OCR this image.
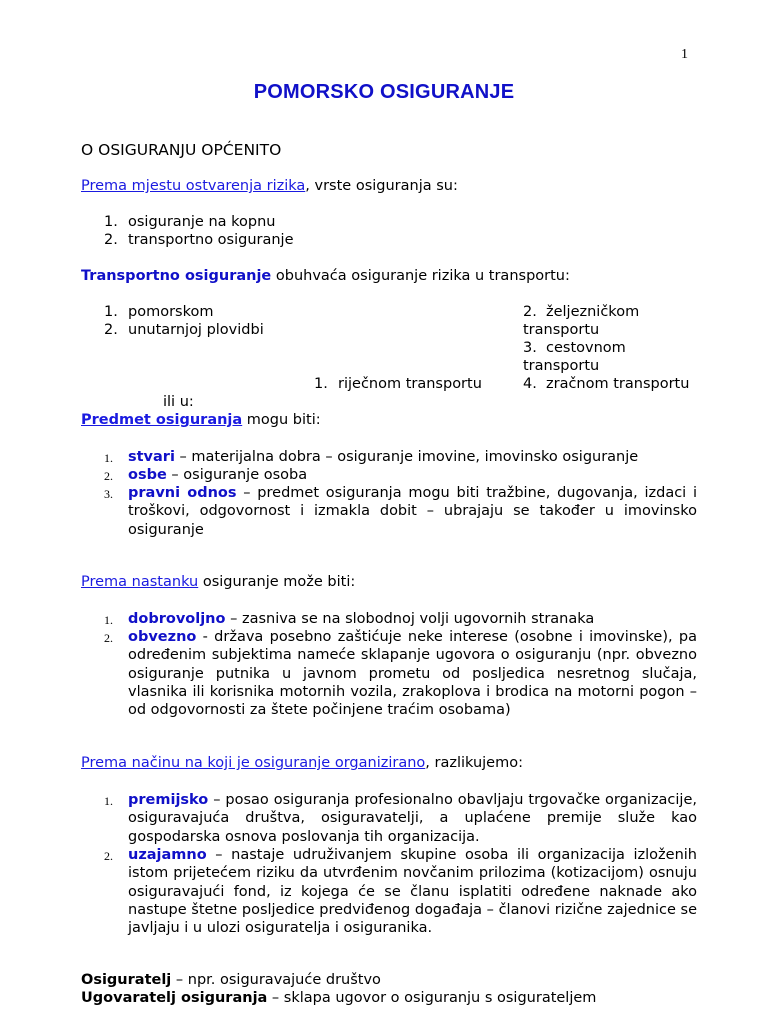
1
POMORSKO OSIGURANJE
O OSIGURANJU OPĆENITO
Prema mjestu ostvarenja rizika, vrste osiguranja su:
1. osiguranje na kopnu
2. transportno osiguranje
Transportno osiguranje obuhvaća osiguranje rizika u transportu:
1. pomorskom
2. unutarnjoj plovidbi
2. željezničkom
transportu
3. cestovnom
transportu
4. zračnom transportu
1. riječnom transportu
ili u:
Predmet osiguranja mogu biti:
1. stvari – materijalna dobra – osiguranje imovine, imovinsko osiguranje
2. osbe – osiguranje osoba
3. pravni odnos – predmet osiguranja mogu biti tražbine, dugovanja, izdaci i troškovi, odgovornost i izmakla dobit – ubrajaju se također u imovinsko osiguranje
Prema nastanku osiguranje može biti:
1. dobrovoljno – zasniva se na slobodnoj volji ugovornih stranaka
2. obvezno - država posebno zaštićuje neke interese (osobne i imovinske), pa određenim subjektima nameće sklapanje ugovora o osiguranju (npr. obvezno osiguranje putnika u javnom prometu od posljedica nesretnog slučaja, vlasnika ili korisnika motornih vozila, zrakoplova i brodica na motorni pogon – od odgovornosti za štete počinjene traćim osobama)
Prema načinu na koji je osiguranje organizirano, razlikujemo:
1. premijsko – posao osiguranja profesionalno obavljaju trgovačke organizacije, osiguravajuća društva, osiguravatelji, a uplaćene premije služe kao gospodarska osnova poslovanja tih organizacija.
2. uzajamno – nastaje udruživanjem skupine osoba ili organizacija izloženih istom prijetećem riziku da utvrđenim novčanim prilozima (kotizacijom) osnuju osiguravajući fond, iz kojega će se članu isplatiti određene naknade ako nastupe štetne posljedice predviđenog događaja – članovi rizične zajednice se javljaju i u ulozi osiguratelja i osiguranika.
Osiguratelj – npr. osiguravajuće društvo
Ugovaratelj osiguranja – sklapa ugovor o osiguranju s osigurateljem
